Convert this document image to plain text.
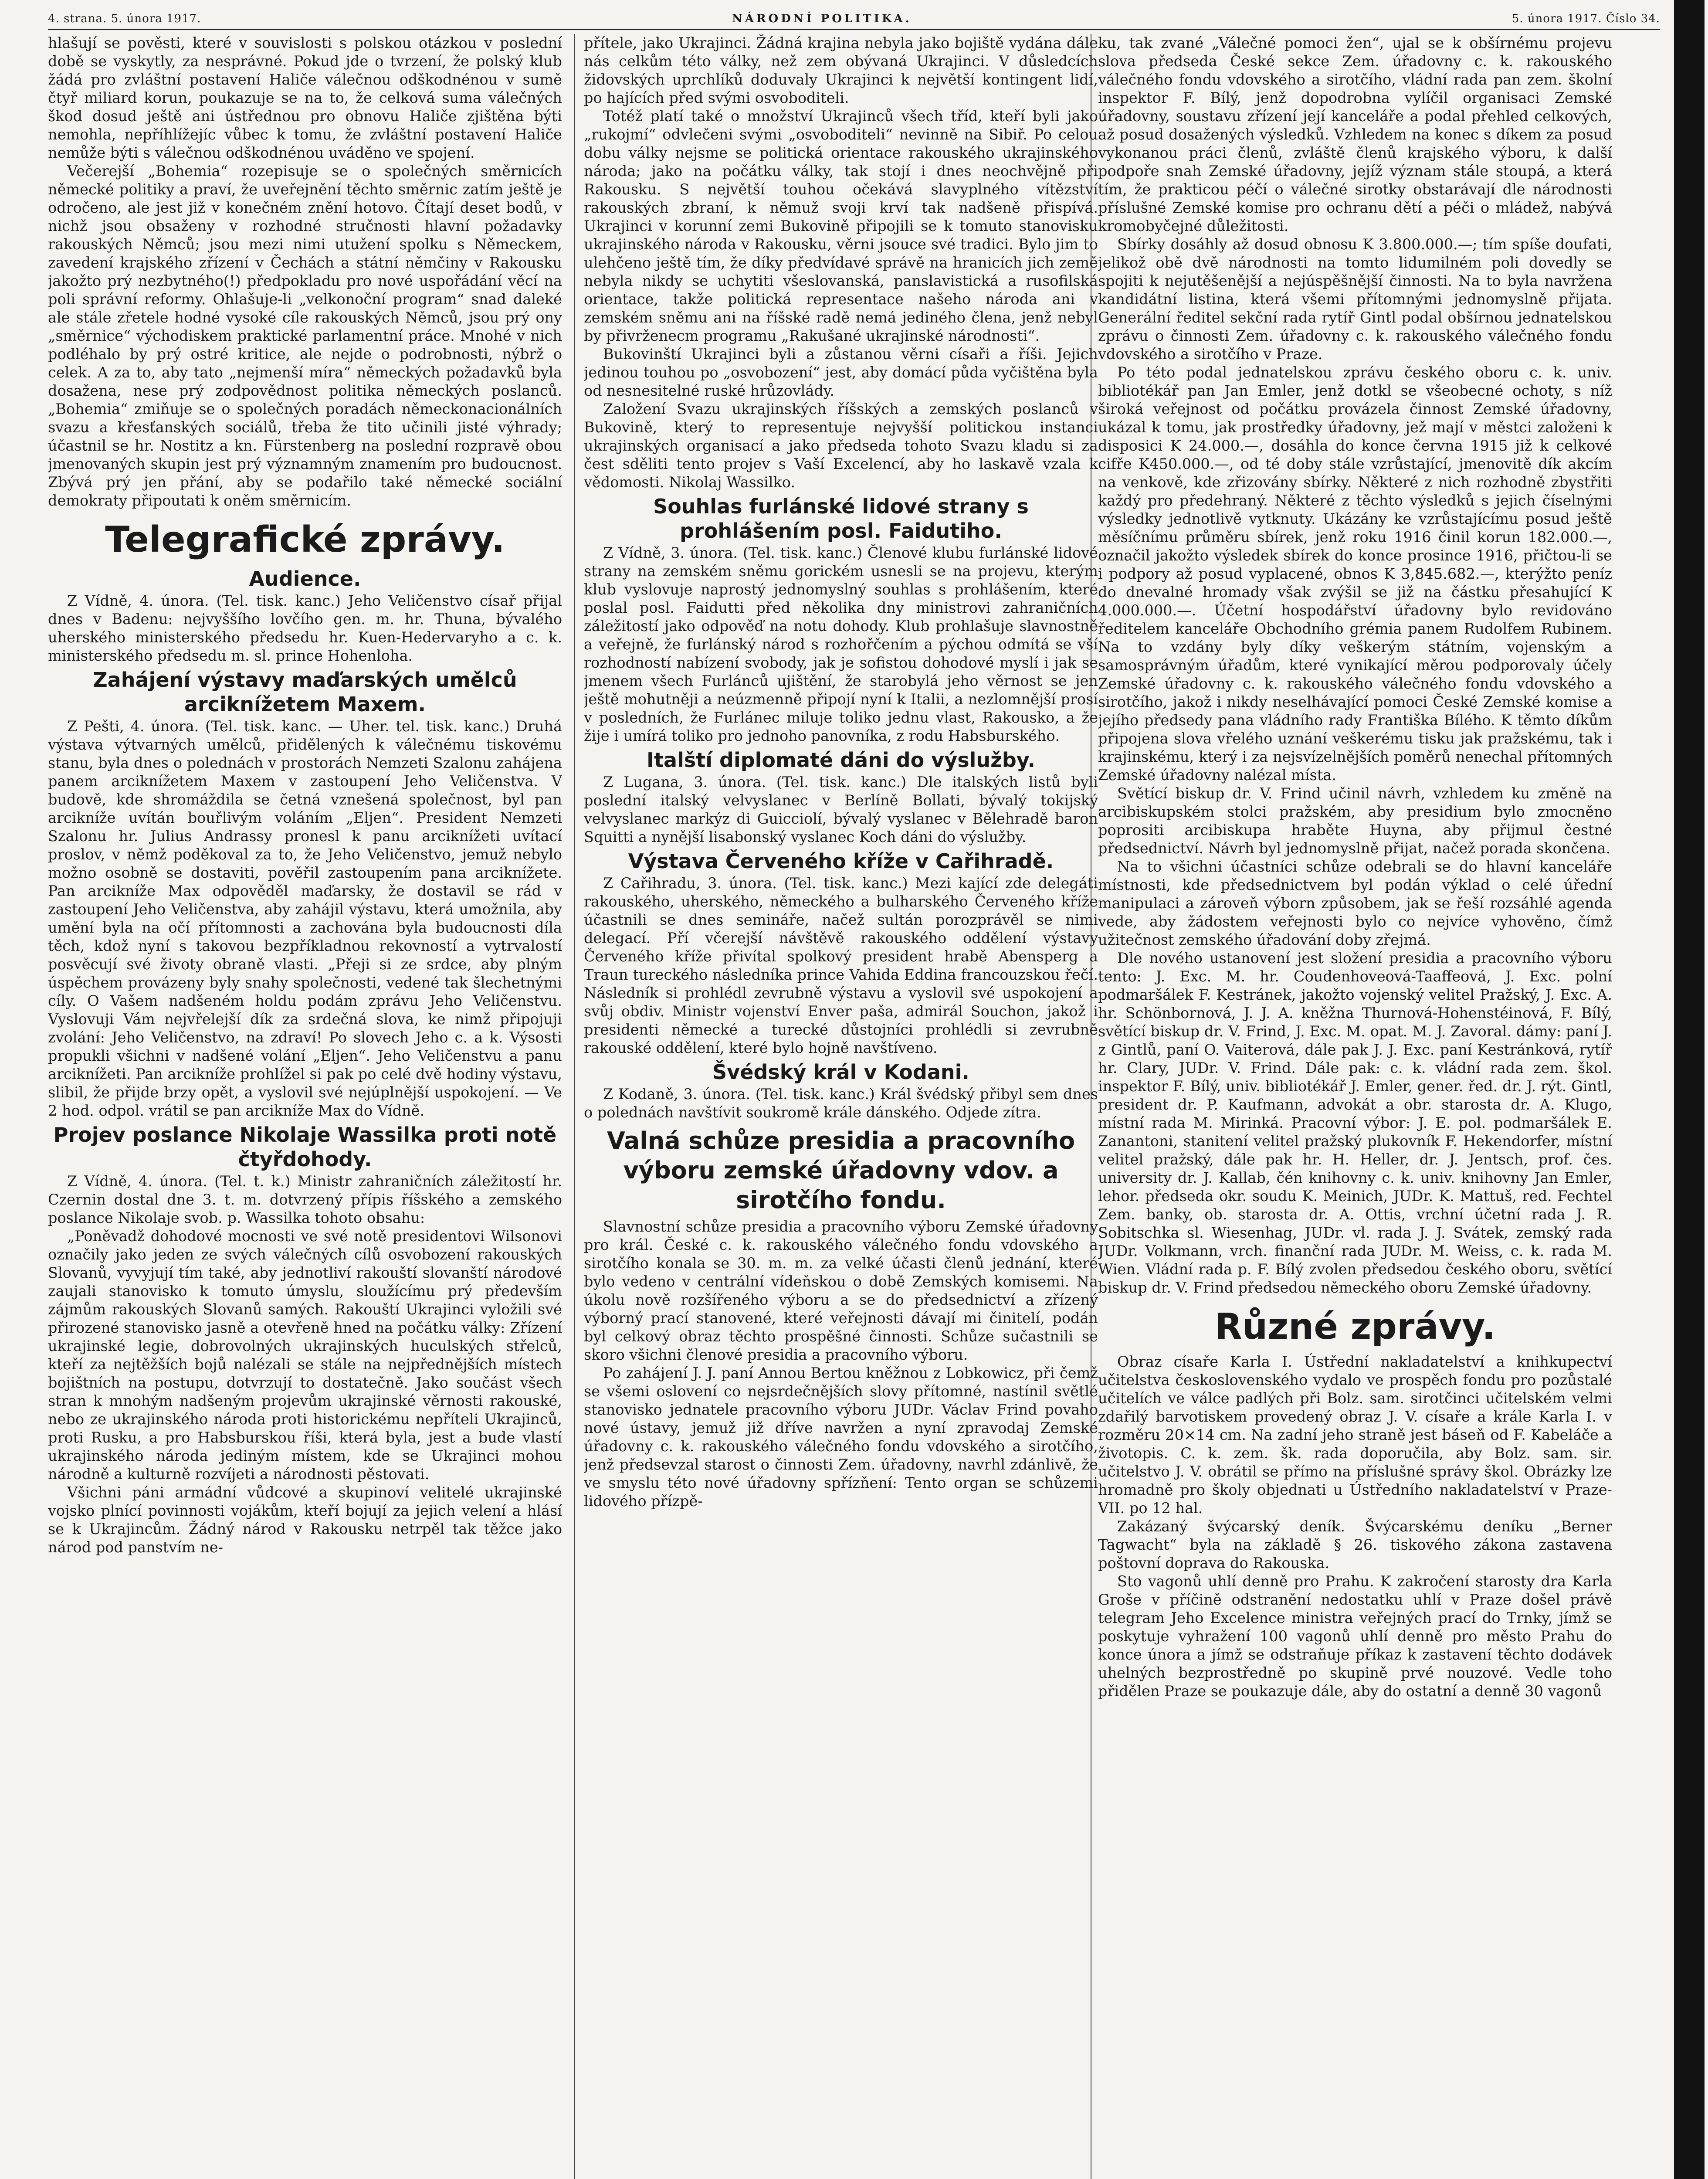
4. strana. 5. února 1917.	NÁRODNÍ POLITIKA.	5. února 1917. Číslo 34.

hlašují se pověsti, které v souvislosti s polskou otázkou v poslední době se vyskytly, za nesprávné. Pokud jde o tvrzení, že polský klub žádá pro zvláštní postavení Haliče válečnou odškodnénou v sumě čtyř miliard korun, poukazuje se na to, že celková suma válečných škod dosud ještě ani ústřednou pro obnovu Haliče zjištěna býti nemohla, nepříhlížejíc vůbec k tomu, že zvláštní postavení Haliče nemůže býti s válečnou odškodnénou uváděno ve spojení.

Večerejší „Bohemia“ rozepisuje se o společných směrnicích německé politiky a praví, že uveřejnění těchto směrnic zatím ještě je odročeno, ale jest již v konečném znění hotovo. Čítají deset bodů, v nichž jsou obsaženy v rozhodné stručnosti hlavní požadavky rakouských Němců; jsou mezi nimi utužení spolku s Německem, zavedení krajského zřízení v Čechách a státní němčiny v Rakousku jakožto prý nezbytného(!) předpokladu pro nové uspořádání věcí na poli správní reformy. Ohlašuje-li „velkonoční program“ snad daleké ale stále zřetele hodné vysoké cíle rakouských Němců, jsou prý ony „směrnice“ východiskem praktické parlamentní práce. Mnohé v nich podléhalo by prý ostré kritice, ale nejde o podrobnosti, nýbrž o celek. A za to, aby tato „nejmenší míra“ německých požadavků byla dosažena, nese prý zodpovědnost politika německých poslanců. „Bohemia“ zmiňuje se o společných poradách německonacionálních svazu a křesťanských sociálů, třeba že tito učinili jisté výhrady; účastnil se hr. Nostitz a kn. Fürstenberg na poslední rozpravě obou jmenovaných skupin jest prý významným znamením pro budoucnost. Zbývá prý jen přání, aby se podařilo také německé sociální demokraty připoutati k oněm směrnicím.

Telegrafické zprávy.
Audience.

Z Vídně, 4. února. (Tel. tisk. kanc.) Jeho Veličenstvo císař přijal dnes v Badenu: nejvyššího lovčího gen. m. hr. Thuna, bývalého uherského ministerského předsedu hr. Kuen-Hedervaryho a c. k. ministerského předsedu m. sl. prince Hohenloha.

Zahájení výstavy maďarských umělců arciknížetem Maxem.

Z Pešti, 4. února. (Tel. tisk. kanc. — Uher. tel. tisk. kanc.) Druhá výstava výtvarných umělců, přidělených k válečnému tiskovému stanu, byla dnes o polednách v prostorách Nemzeti Szalonu zahájena panem arciknížetem Maxem v zastoupení Jeho Veličenstva. V budově, kde shromáždila se četná vznešená společnost, byl pan arcikníže uvítán bouřlivým voláním „Eljen“. President Nemzeti Szalonu hr. Julius Andrassy pronesl k panu arciknížeti uvítací proslov, v němž poděkoval za to, že Jeho Veličenstvo, jemuž nebylo možno osobně se dostaviti, pověřil zastoupením pana arciknížete. Pan arcikníže Max odpověděl maďarsky, že dostavil se rád v zastoupení Jeho Veličenstva, aby zahájil výstavu, která umožnila, aby umění byla na očí přítomnosti a zachována byla budoucnosti díla těch, kdož nyní s takovou bezpříkladnou rekovností a vytrvalostí posvěcují své životy obraně vlasti. „Přeji si ze srdce, aby plným úspěchem provázeny byly snahy společnosti, vedené tak šlechetnými cíly. O Vašem nadšeném holdu podám zprávu Jeho Veličenstvu. Vyslovuji Vám nejvřelejší dík za srdečná slova, ke nimž připojuji zvolání: Jeho Veličenstvo, na zdraví! Po slovech Jeho c. a k. Výsosti propukli všichni v nadšené volání „Eljen“. Jeho Veličenstvu a panu arciknížeti. Pan arcikníže prohlížel si pak po celé dvě hodiny výstavu, slibil, že přijde brzy opět, a vyslovil své nejúplnější uspokojení. — Ve 2 hod. odpol. vrátil se pan arcikníže Max do Vídně.

Projev poslance Nikolaje Wassilka proti notě čtyřdohody.

Z Vídně, 4. února. (Tel. t. k.) Ministr zahraničních záležitostí hr. Czernin dostal dne 3. t. m. dotvrzený přípis říšského a zemského poslance Nikolaje svob. p. Wassilka tohoto obsahu:

„Poněvadž dohodové mocnosti ve své notě presidentovi Wilsonovi označily jako jeden ze svých válečných cílů osvobození rakouských Slovanů, vyvyjují tím také, aby jednotliví rakouští slovanští národové zaujali stanovisko k tomuto úmyslu, sloužícímu prý především zájmům rakouských Slovanů samých. Rakouští Ukrajinci vyložili své přirozené stanovisko jasně a otevřeně hned na počátku války: Zřízení ukrajinské legie, dobrovolných ukrajinských huculských střelců, kteří za nejtěžších bojů nalézali se stále na nejpřednějších místech bojištních na postupu, dotvrzují to dostatečně. Jako součást všech stran k mnohým nadšeným projevům ukrajinské věrnosti rakouské, nebo ze ukrajinského národa proti historickému nepříteli Ukrajinců, proti Rusku, a pro Habsburskou říši, která byla, jest a bude vlastí ukrajinského národa jediným místem, kde se Ukrajinci mohou národně a kulturně rozvíjeti a národnosti pěstovati.

Všichni páni armádní vůdcové a skupinoví velitelé ukrajinské vojsko plnící povinnosti vojákům, kteří bojují za jejich velení a hlásí se k Ukrajincům. Žádný národ v Rakousku netrpěl tak těžce jako národ pod panstvím ne-

přítele, jako Ukrajinci. Žádná krajina nebyla jako bojiště vydána dále nás celkům této války, než zem obývaná Ukrajinci. V důsledcích židovských uprchlíků doduvaly Ukrajinci k největší kontingent lidí, po hajících před svými osvoboditeli.

Totéž platí také o množství Ukrajinců všech tříd, kteří byli jako „rukojmí“ odvlečeni svými „osvoboditeli“ nevinně na Sibiř. Po celou dobu války nejsme se politická orientace rakouského ukrajinského národa; jako na počátku války, tak stojí i dnes neochvějně při Rakousku. S největší touhou očekává slavyplného vítězství rakouských zbraní, k němuž svoji krví tak nadšeně přispívá. Ukrajinci v korunní zemi Bukovině připojili se k tomuto stanovisku ukrajinského národa v Rakousku, věrni jsouce své tradici. Bylo jim to ulehčeno ještě tím, že díky předvídavé správě na hranicích jich země nebyla nikdy se uchytiti všeslovanská, panslavistická a rusofilská orientace, takže politická representace našeho národa ani v zemském sněmu ani na říšské radě nemá jediného člena, jenž nebyl by přivrženecm programu „Rakušané ukrajinské národnosti“.

Bukovinští Ukrajinci byli a zůstanou věrni císaři a říši. Jejich jedinou touhou po „osvobození“ jest, aby domácí půda vyčištěna byla od nesnesitelné ruské hrůzovlády.

Založení Svazu ukrajinských říšských a zemských poslanců v Bukovině, který to representuje nejvyšší politickou instanci ukrajinských organisací a jako předseda tohoto Svazu kladu si za čest sděliti tento projev s Vaší Excelencí, aby ho laskavě vzala k vědomosti. Nikolaj Wassilko.

Souhlas furlánské lidové strany s prohlášením posl. Faidutiho.

Z Vídně, 3. února. (Tel. tisk. kanc.) Členové klubu furlánské lidové strany na zemském sněmu gorickém usnesli se na projevu, kterým klub vyslovuje naprostý jednomyslný souhlas s prohlášením, které poslal posl. Faidutti před několika dny ministrovi zahraničních záležitostí jako odpověď na notu dohody. Klub prohlašuje slavnostně a veřejně, že furlánský národ s rozhořčením a pýchou odmítá se vší rozhodností nabízení svobody, jak je sofistou dohodové myslí i jak se jmenem všech Furlánců ujištění, že starobylá jeho věrnost se jen ještě mohutněji a neúzmenně připojí nyní k Italii, a nezlomnější prosí v posledních, že Furlánec miluje toliko jednu vlast, Rakousko, a že žije i umírá toliko pro jednoho panovníka, z rodu Habsburskéhо.

Italští diplomaté dáni do výslužby.

Z Lugana, 3. února. (Tel. tisk. kanc.) Dle italských listů byli poslední italský velvyslanec v Berlíně Bollati, bývalý tokijský velvyslanec markýz di Guicciolí, bývalý vyslanec v Bělehradě baron Squitti a nynější lisabonský vyslanec Koch dáni do výslužby.

Výstava Červeného kříže v Cařihradě.

Z Cařihradu, 3. února. (Tel. tisk. kanc.) Mezi kající zde delegáti rakouského, uherského, německého a bulharského Červeného kříže účastnili se dnes semináře, načež sultán porozprávěl se nimi delegací. Pří včerejší návštěvě rakouského oddělení výstavy Červeného kříže přivítal spolkový president hrabě Abensperg a Traun tureckého následníka prince Vahida Eddina francouzskou řečí. Následník si prohlédl zevrubně výstavu a vyslovil své uspokojení a svůj obdiv. Ministr vojenství Enver paša, admirál Souchon, jakož i presidenti německé a turecké důstojníci prohlédli si zevrubně rakouské oddělení, které bylo hojně navštíveno.

Švédský král v Kodani.

Z Kodaně, 3. února. (Tel. tisk. kanc.) Král švédský přibyl sem dnes o polednách navštívit soukromě krále dánského. Odjede zítra.

Valná schůze presidia a pracovního výboru zemské úřadovny vdov. a sirotčího fondu.

Slavnostní schůze presidia a pracovního výboru Zemské úřadovny pro král. České c. k. rakouského válečného fondu vdovského a sirotčího konala se 30. m. m. za velké účasti členů jednání, které bylo vedeno v centrální vídeňskou o době Zemských komisemi. Na úkolu nově rozšířeného výboru a se do předsednictví a zřízený výborný prací stanovené, které veřejnosti dávají mi činitelí, podán byl celkový obraz těchto prospěšné činnosti. Schůze sučastnili se skoro všichni členové presidia a pracovního výboru.

Po zahájení J. J. paní Annou Bertou kněžnou z Lobkowicz, při čemž se všemi oslovení co nejsrdečnějších slovy přítomné, nastínil světlé stanovisko jednatele pracovního výboru JUDr. Václav Frind povaho nové ústavy, jemuž již dříve navržen a nyní zpravodaj Zemské úřadovny c. k. rakouského válečného fondu vdovského a sirotčího, jenž předsevzal starost o činnosti Zem. úřadovny, navrhl zdánlivě, že ve smyslu této nové úřadovny spřízňení: Tento organ se schůzemi lidového přízpě-

ku, tak zvané „Válečné pomoci žen“, ujal se k obšírnému projevu slova předseda České sekce Zem. úřadovny c. k. rakouského válečného fondu vdovského a sirotčího, vládní rada pan zem. školní inspektor F. Bílý, jenž dopodrobna vylíčil organisaci Zemské úřadovny, soustavu zřízení její kanceláře a podal přehled celkových, až posud dosažených výsledků. Vzhledem na konec s díkem za posud vykonanou práci členů, zvláště členů krajského výboru, k další podpoře snah Zemské úřadovny, jejíž význam stále stoupá, a která tím, že prakticou péčí o válečné sirotky obstarávají dle národnosti příslušné Zemské komise pro ochranu dětí a péči o mládež, nabývá kromobyčejné důležitosti.

Sbírky dosáhly až dosud obnosu K 3.800.000.—; tím spíše doufati, jelikož obě dvě národnosti na tomto lidumilném poli dovedly se spojiti k nejutěšenější a nejúspěšnější činnosti. Na to byla navržena kandidátní listina, která všemi přítomnými jednomyslně přijata. Generální ředitel sekční rada rytíř Gintl podal obšírnou jednatelskou zprávu o činnosti Zem. úřadovny c. k. rakouského válečného fondu vdovského a sirotčího v Praze.

Po této podal jednatelskou zprávu českého oboru c. k. univ. bibliotékář pan Jan Emler, jenž dotkl se všeobecné ochoty, s níž široká veřejnost od počátku provázela činnost Zemské úřadovny, ukázal k tomu, jak prostředky úřadovny, jež mají v městci založeni k disposici K 24.000.—, dosáhla do konce června 1915 již k celkové cifře K450.000.—, od té doby stále vzrůstající, jmenovitě dík akcím na venkově, kde zřizovány sbírky. Některé z nich rozhodně zbystřiti každý pro předehraný. Některé z těchto výsledků s jejich číselnými výsledky jednotlivě vytknuty. Ukázány ke vzrůstajícímu posud ještě měsíčnímu průměru sbírek, jenž roku 1916 činil korun 182.000.—, označil jakožto výsledek sbírek do konce prosince 1916, přičtou-li se i podpory až posud vyplacené, obnos K 3,845.682.—, kterýžto peníz do dnevalné hromady však zvýšil se již na částku přesahující K 4.000.000.—. Účetní hospodářství úřadovny bylo revidováno ředitelem kanceláře Obchodního grémia panem Rudolfem Rubinem. Na to vzdány byly díky veškerým státním, vojenským a samosprávným úřadům, které vynikající měrou podporovaly účely Zemské úřadovny c. k. rakouského válečného fondu vdovského a sirotčího, jakož i nikdy neselhávající pomoci České Zemské komise a jejího předsedy pana vládního rady Františka Bílého. K těmto díkům připojena slova vřelého uznání veškerému tisku jak pražskému, tak i krajinskému, který i za nejsvízelnějších poměrů nenechal přítomných Zemské úřadovny nalézal místa.

Světící biskup dr. V. Frind učinil návrh, vzhledem ku změně na arcibiskupském stolci pražském, aby presidium bylo zmocněno poprositi arcibiskupa hraběte Huyna, aby přijmul čestné předsednictví. Návrh byl jednomyslně přijat, načež porada skončena.

Na to všichni účastníci schůze odebrali se do hlavní kanceláře místnosti, kde předsednictvem byl podán výklad o celé úřední manipulaci a zároveň výborn způsobem, jak se řeší rozsáhlé agenda vede, aby žádostem veřejnosti bylo co nejvíce vyhověno, čímž užitečnost zemského úřadování doby zřejmá.

Dle nového ustanovení jest složení presidia a pracovního výboru tento: J. Exc. M. hr. Coudenhoveová-Taaffeová, J. Exc. polní podmaršálek F. Kestránek, jakožto vojenský velitel Pražský, J. Exc. A. hr. Schönbornová, J. J. A. kněžna Thurnová-Hohenstéinová, F. Bílý, světící biskup dr. V. Frind, J. Exc. M. opat. M. J. Zavoral. dámy: paní J. z Gintlů, paní O. Vaiterová, dále pak J. J. Exc. paní Kestránková, rytíř hr. Clary, JUDr. V. Frind. Dále pak: c. k. vládní rada zem. škol. inspektor F. Bílý, univ. bibliotékář J. Emler, gener. řed. dr. J. rýt. Gintl, president dr. P. Kaufmann, advokát a obr. starosta dr. A. Klugo, místní rada M. Mirinká. Pracovní výbor: J. E. pol. podmaršálek E. Zanantoni, stanitení velitel pražský plukovník F. Hekendorfer, místní velitel pražský, dále pak hr. H. Heller, dr. J. Jentsch, prof. čes. university dr. J. Kallab, čén knihovny c. k. univ. knihovny Jan Emler, lehor. předseda okr. soudu K. Meinich, JUDr. K. Mattuš, red. Fechtel Zem. banky, ob. starosta dr. A. Ottis, vrchní účetní rada J. R. Sobitschka sl. Wiesenhag, JUDr. vl. rada J. J. Svátek, zemský rada JUDr. Volkmann, vrch. finanční rada JUDr. M. Weiss, c. k. rada M. Wien. Vládní rada p. F. Bílý zvolen předsedou českého oboru, světící biskup dr. V. Frind předsedou německého oboru Zemské úřadovny.

Různé zprávy.

Obraz císaře Karla I. Ústřední nakladatelství a knihkupectví učitelstva československého vydalo ve prospěch fondu pro pozůstalé učitelích ve válce padlých při Bolz. sam. sirotčinci učitelském velmi zdařilý barvotiskem provedený obraz J. V. císaře a krále Karla I. v rozměru 20×14 cm. Na zadní jeho straně jest báseň od F. Kabeláče a životopis. C. k. zem. šk. rada doporučila, aby Bolz. sam. sir. učitelstvo J. V. obrátil se přímo na příslušné správy škol. Obrázky lze hromadně pro školy objednati u Ústředního nakladatelství v Praze-VII. po 12 hal.

Zakázaný švýcarský deník. Švýcarskému deníku „Berner Tagwacht“ byla na základě § 26. tiskového zákona zastavena poštovní doprava do Rakouska.

Sto vagonů uhlí denně pro Prahu. K zakročení starosty dra Karla Grošе v příčině odstranění nedostatku uhlí v Praze došel právě telegram Jeho Excelence ministra veřejných prací do Trnky, jímž se poskytuje vyhražení 100 vagonů uhlí denně pro město Prahu do konce února a jímž se odstraňuje příkaz k zastavení těchto dodávek uhelných bezprostředně po skupině prvé nouzové. Vedle toho přidělen Praze se poukazuje dále, aby do ostatní a denně 30 vagonů
